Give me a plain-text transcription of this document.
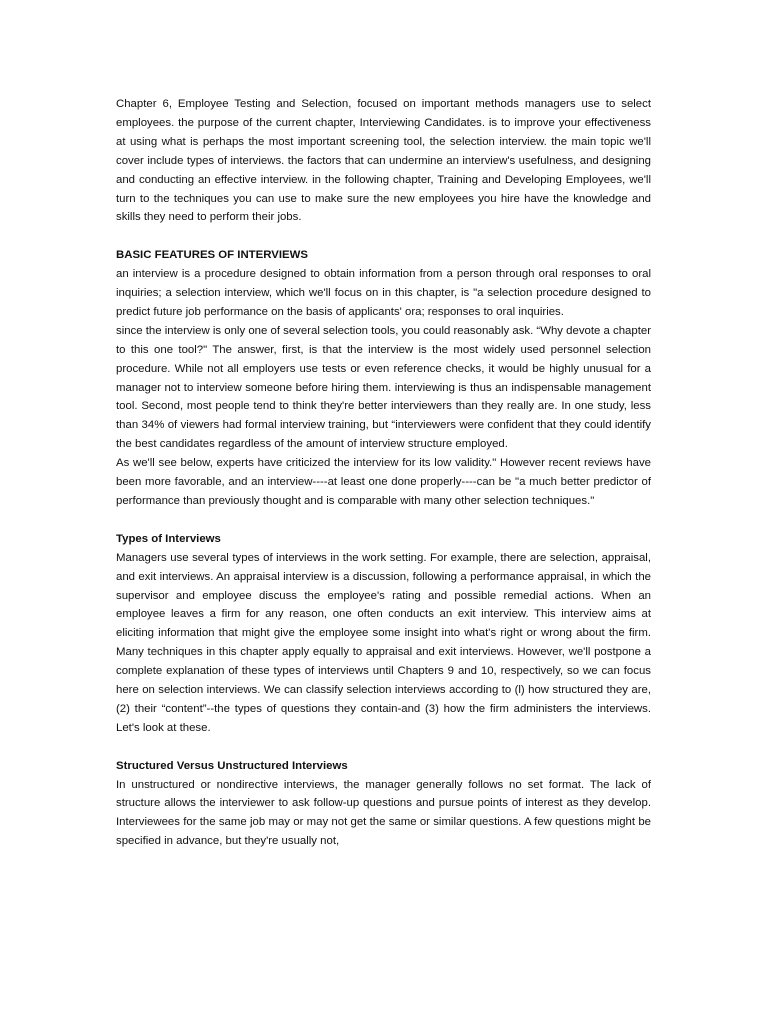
Chapter 6, Employee Testing and Selection, focused on important methods managers use to select employees. the purpose of the current chapter, Interviewing Candidates. is to improve your effectiveness at using what is perhaps the most important screening tool, the selection interview. the main topic we'll cover include types of interviews. the factors that can undermine an interview's usefulness, and designing and conducting an effective interview. in the following chapter, Training and Developing Employees, we'll turn to the techniques you can use to make sure the new employees you hire have the knowledge and skills they need to perform their jobs.

BASIC FEATURES OF INTERVIEWS

an interview is a procedure designed to obtain information from a person through oral responses to oral inquiries; a selection interview, which we'll focus on in this chapter, is "a selection procedure designed to predict future job performance on the basis of applicants' ora; responses to oral inquiries.

since the interview is only one of several selection tools, you could reasonably ask. “Why devote a chapter to this one tool?" The answer, first, is that the interview is the most widely used personnel selection procedure. While not all employers use tests or even reference checks, it would be highly unusual for a manager not to interview someone before hiring them. interviewing is thus an indispensable management tool. Second, most people tend to think they're better interviewers than they really are. In one study, less than 34% of viewers had formal interview training, but “interviewers were confident that they could identify the best candidates regardless of the amount of interview structure employed.

As we'll see below, experts have criticized the interview for its low validity." However recent reviews have been more favorable, and an interview----at least one done properly----can be "a much better predictor of performance than previously thought and is comparable with many other selection techniques."

Types of Interviews

Managers use several types of interviews in the work setting. For example, there are selection, appraisal, and exit interviews. An appraisal interview is a discussion, following a performance appraisal, in which the supervisor and employee discuss the employee's rating and possible remedial actions. When an employee leaves a firm for any reason, one often conducts an exit interview. This interview aims at eliciting information that might give the employee some insight into what's right or wrong about the firm. Many techniques in this chapter apply equally to appraisal and exit interviews. However, we'll postpone a complete explanation of these types of interviews until Chapters 9 and 10, respectively, so we can focus here on selection interviews. We can classify selection interviews according to (l) how structured they are, (2) their “content”--the types of questions they contain-and (3) how the firm administers the interviews. Let's look at these.

Structured Versus Unstructured Interviews

In unstructured or nondirective interviews, the manager generally follows no set format. The lack of structure allows the interviewer to ask follow-up questions and pursue points of interest as they develop. Interviewees for the same job may or may not get the same or similar questions. A few questions might be specified in advance, but they're usually not,
